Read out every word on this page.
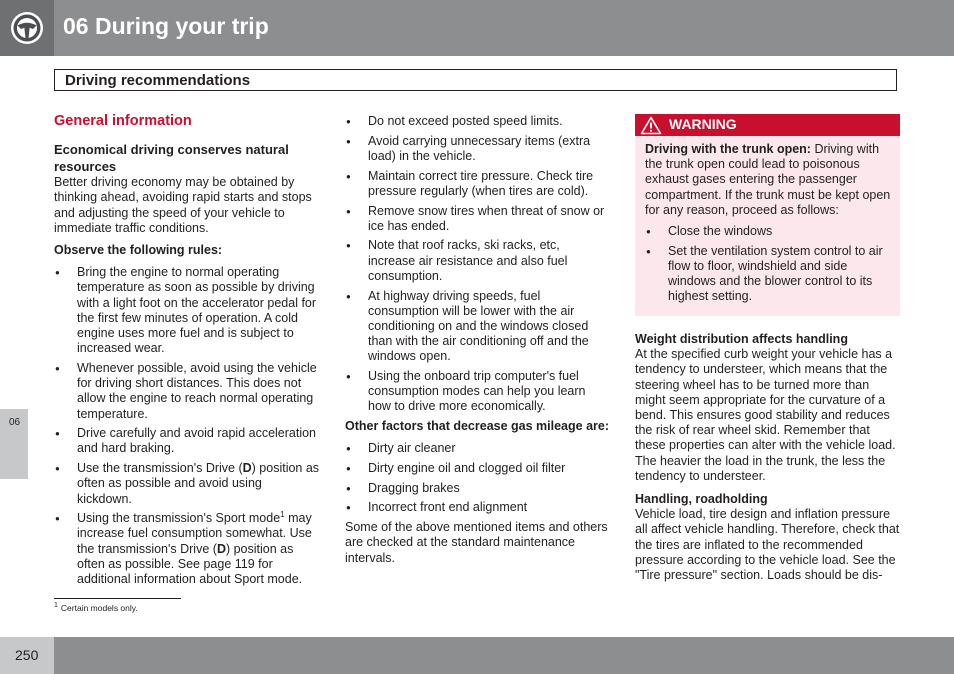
06 During your trip
Driving recommendations
06
General information
Economical driving conserves natural resources

Better driving economy may be obtained by thinking ahead, avoiding rapid starts and stops and adjusting the speed of your vehicle to immediate traffic conditions.

Observe the following rules:

● Bring the engine to normal operating temperature as soon as possible by driving with a light foot on the accelerator pedal for the first few minutes of operation. A cold engine uses more fuel and is subject to increased wear.
● Whenever possible, avoid using the vehicle for driving short distances. This does not allow the engine to reach normal operating temperature.
● Drive carefully and avoid rapid acceleration and hard braking.
● Use the transmission's Drive (D) position as often as possible and avoid using kickdown.
● Using the transmission's Sport mode$^1$ may increase fuel consumption somewhat. Use the transmission's Drive (D) position as often as possible. See page 119 for additional information about Sport mode.
● Do not exceed posted speed limits.
● Avoid carrying unnecessary items (extra load) in the vehicle.
● Maintain correct tire pressure. Check tire pressure regularly (when tires are cold).
● Remove snow tires when threat of snow or ice has ended.
● Note that roof racks, ski racks, etc, increase air resistance and also fuel consumption.
● At highway driving speeds, fuel consumption will be lower with the air conditioning on and the windows closed than with the air conditioning off and the windows open.
● Using the onboard trip computer's fuel consumption modes can help you learn how to drive more economically.

Other factors that decrease gas mileage are:

● Dirty air cleaner
● Dirty engine oil and clogged oil filter
● Dragging brakes
● Incorrect front end alignment

Some of the above mentioned items and others are checked at the standard maintenance intervals.

WARNING

Driving with the trunk open: Driving with the trunk open could lead to poisonous exhaust gases entering the passenger compartment. If the trunk must be kept open for any reason, proceed as follows:

● Close the windows
● Set the ventilation system control to air flow to floor, windshield and side windows and the blower control to its highest setting.

Weight distribution affects handling

At the specified curb weight your vehicle has a tendency to understeer, which means that the steering wheel has to be turned more than might seem appropriate for the curvature of a bend. This ensures good stability and reduces the risk of rear wheel skid. Remember that these properties can alter with the vehicle load. The heavier the load in the trunk, the less the tendency to understeer.

Handling, roadholding

Vehicle load, tire design and inflation pressure all affect vehicle handling. Therefore, check that the tires are inflated to the recommended pressure according to the vehicle load. See the "Tire pressure" section. Loads should be dis-

$^1$ Certain models only.
250
